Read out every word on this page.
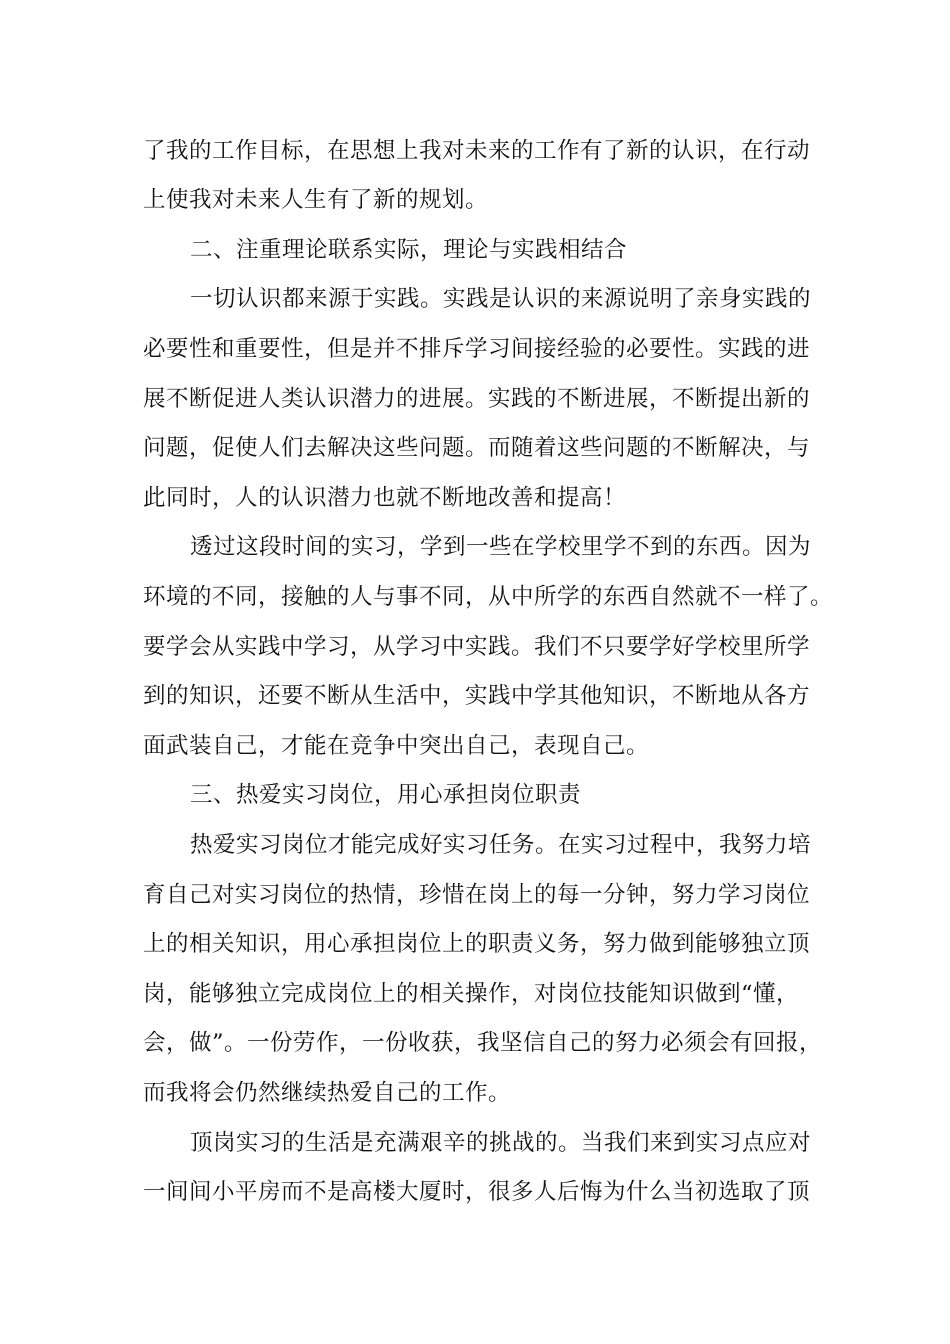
了我的工作目标，在思想上我对未来的工作有了新的认识，在行动
上使我对未来人生有了新的规划。
二、注重理论联系实际，理论与实践相结合
一切认识都来源于实践。实践是认识的来源说明了亲身实践的
必要性和重要性，但是并不排斥学习间接经验的必要性。实践的进
展不断促进人类认识潜力的进展。实践的不断进展，不断提出新的
问题，促使人们去解决这些问题。而随着这些问题的不断解决，与
此同时，人的认识潜力也就不断地改善和提高！
透过这段时间的实习，学到一些在学校里学不到的东西。因为
环境的不同，接触的人与事不同，从中所学的东西自然就不一样了。
要学会从实践中学习，从学习中实践。我们不只要学好学校里所学
到的知识，还要不断从生活中，实践中学其他知识，不断地从各方
面武装自己，才能在竞争中突出自己，表现自己。
三、热爱实习岗位，用心承担岗位职责
热爱实习岗位才能完成好实习任务。在实习过程中，我努力培
育自己对实习岗位的热情，珍惜在岗上的每一分钟，努力学习岗位
上的相关知识，用心承担岗位上的职责义务，努力做到能够独立顶
岗，能够独立完成岗位上的相关操作，对岗位技能知识做到“懂，
会，做”。一份劳作，一份收获，我坚信自己的努力必须会有回报，
而我将会仍然继续热爱自己的工作。
顶岗实习的生活是充满艰辛的挑战的。当我们来到实习点应对
一间间小平房而不是高楼大厦时，很多人后悔为什么当初选取了顶
